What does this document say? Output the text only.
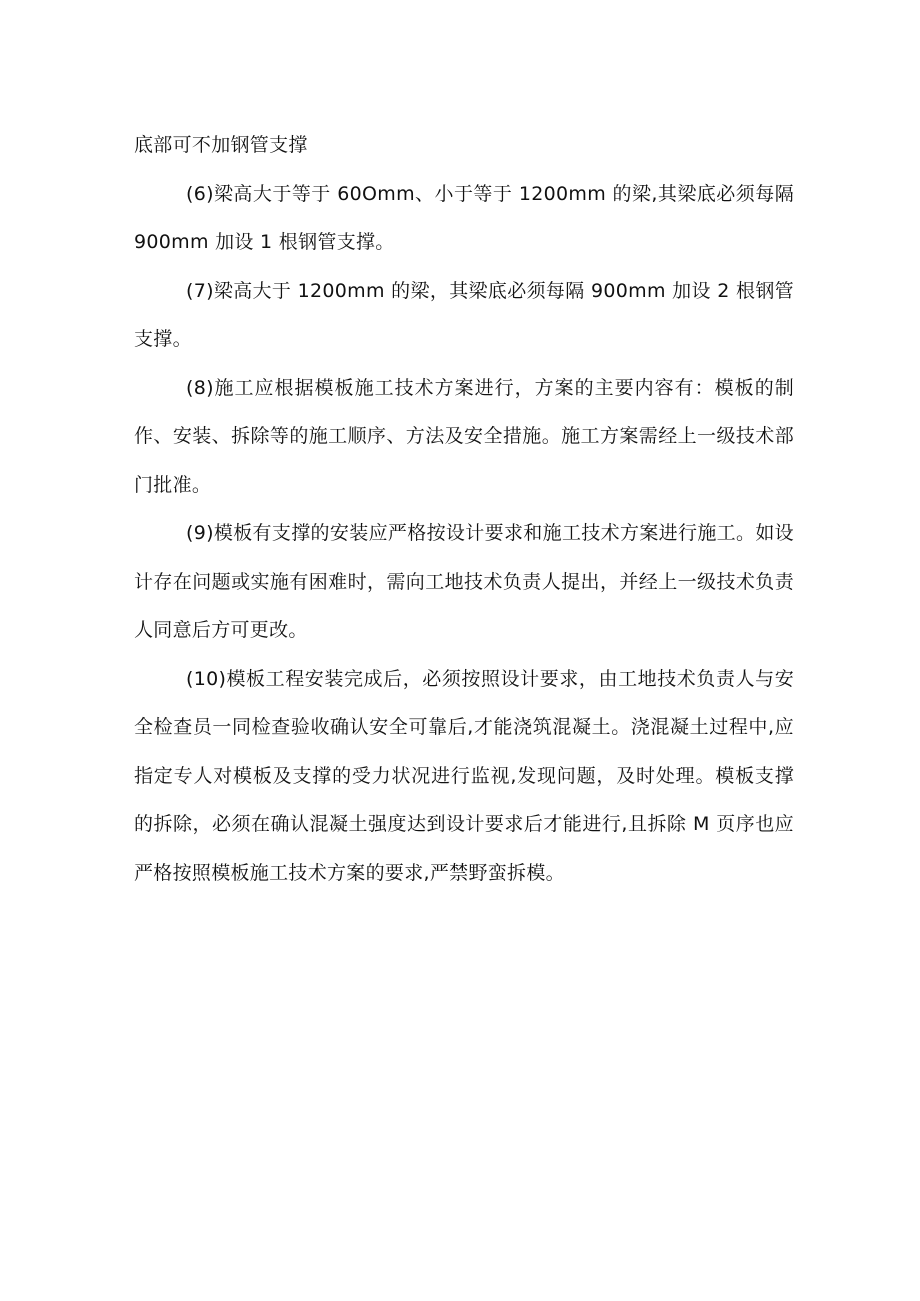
底部可不加钢管支撑

(6)梁高大于等于 60Omm、小于等于 1200mm 的梁,其梁底必须每隔 900mm 加设 1 根钢管支撑。

(7)梁高大于 1200mm 的梁，其梁底必须每隔 900mm 加设 2 根钢管支撑。

(8)施工应根据模板施工技术方案进行，方案的主要内容有：模板的制作、安装、拆除等的施工顺序、方法及安全措施。施工方案需经上一级技术部门批准。

(9)模板有支撑的安装应严格按设计要求和施工技术方案进行施工。如设计存在问题或实施有困难时，需向工地技术负责人提出，并经上一级技术负责人同意后方可更改。

(10)模板工程安装完成后，必须按照设计要求，由工地技术负责人与安全检查员一同检查验收确认安全可靠后,才能浇筑混凝土。浇混凝土过程中,应指定专人对模板及支撑的受力状况进行监视,发现问题，及时处理。模板支撑的拆除，必须在确认混凝土强度达到设计要求后才能进行,且拆除 M 页序也应严格按照模板施工技术方案的要求,严禁野蛮拆模。
